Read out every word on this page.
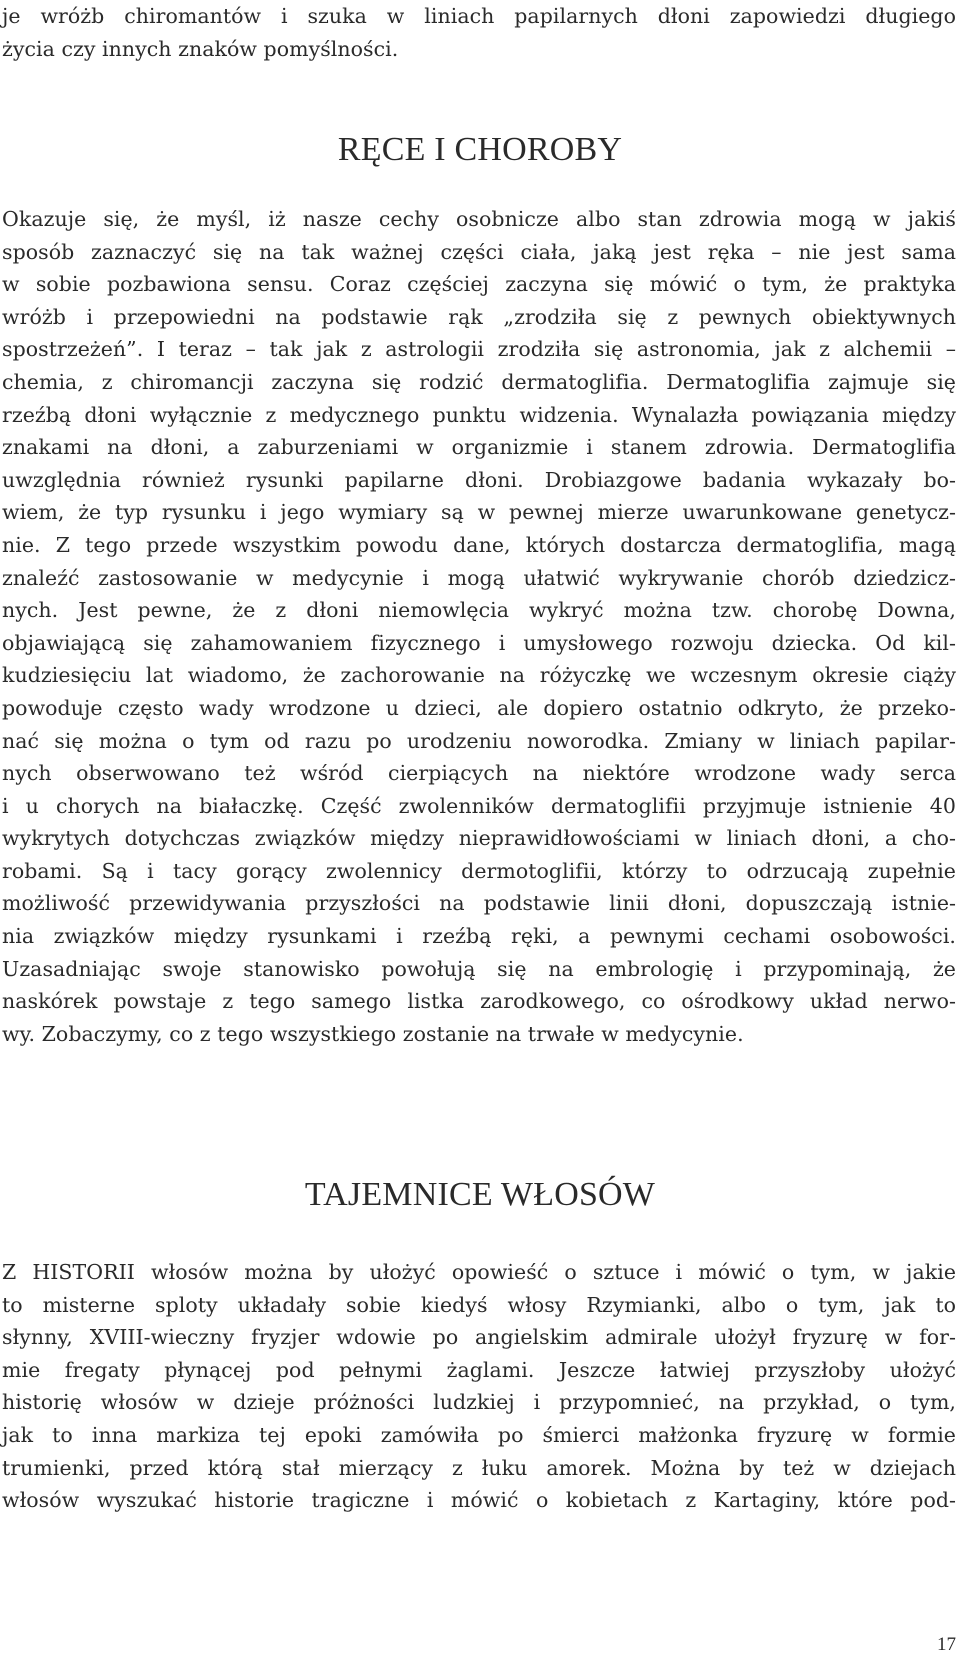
je wróżb chiromantów i szuka w liniach papilarnych dłoni zapowiedzi długiego
życia czy innych znaków pomyślności.
RĘCE I CHOROBY
Okazuje się, że myśl, iż nasze cechy osobnicze albo stan zdrowia mogą w jakiś
sposób zaznaczyć się na tak ważnej części ciała, jaką jest ręka – nie jest sama
w sobie pozbawiona sensu. Coraz częściej zaczyna się mówić o tym, że praktyka
wróżb i przepowiedni na podstawie rąk „zrodziła się z pewnych obiektywnych
spostrzeżeń”. I teraz – tak jak z astrologii zrodziła się astronomia, jak z alchemii –
chemia, z chiromancji zaczyna się rodzić dermatoglifia. Dermatoglifia zajmuje się
rzeźbą dłoni wyłącznie z medycznego punktu widzenia. Wynalazła powiązania między
znakami na dłoni, a zaburzeniami w organizmie i stanem zdrowia. Dermatoglifia
uwzględnia również rysunki papilarne dłoni. Drobiazgowe badania wykazały bo-
wiem, że typ rysunku i jego wymiary są w pewnej mierze uwarunkowane genetycz-
nie. Z tego przede wszystkim powodu dane, których dostarcza dermatoglifia, magą
znaleźć zastosowanie w medycynie i mogą ułatwić wykrywanie chorób dziedzicz-
nych. Jest pewne, że z dłoni niemowlęcia wykryć można tzw. chorobę Downa,
objawiającą się zahamowaniem fizycznego i umysłowego rozwoju dziecka. Od kil-
kudziesięciu lat wiadomo, że zachorowanie na różyczkę we wczesnym okresie ciąży
powoduje często wady wrodzone u dzieci, ale dopiero ostatnio odkryto, że przeko-
nać się można o tym od razu po urodzeniu noworodka. Zmiany w liniach papilar-
nych obserwowano też wśród cierpiących na niektóre wrodzone wady serca
i u chorych na białaczkę. Część zwolenników dermatoglifii przyjmuje istnienie 40
wykrytych dotychczas związków między nieprawidłowościami w liniach dłoni, a cho-
robami. Są i tacy gorący zwolennicy dermotoglifii, którzy to odrzucają zupełnie
możliwość przewidywania przyszłości na podstawie linii dłoni, dopuszczają istnie-
nia związków między rysunkami i rzeźbą ręki, a pewnymi cechami osobowości.
Uzasadniając swoje stanowisko powołują się na embrologię i przypominają, że
naskórek powstaje z tego samego listka zarodkowego, co ośrodkowy układ nerwo-
wy. Zobaczymy, co z tego wszystkiego zostanie na trwałe w medycynie.
TAJEMNICE WŁOSÓW
Z HISTORII włosów można by ułożyć opowieść o sztuce i mówić o tym, w jakie
to misterne sploty układały sobie kiedyś włosy Rzymianki, albo o tym, jak to
słynny, XVIII-wieczny fryzjer wdowie po angielskim admirale ułożył fryzurę w for-
mie fregaty płynącej pod pełnymi żaglami. Jeszcze łatwiej przyszłoby ułożyć
historię włosów w dzieje próżności ludzkiej i przypomnieć, na przykład, o tym,
jak to inna markiza tej epoki zamówiła po śmierci małżonka fryzurę w formie
trumienki, przed którą stał mierzący z łuku amorek. Można by też w dziejach
włosów wyszukać historie tragiczne i mówić o kobietach z Kartaginy, które pod-
17
